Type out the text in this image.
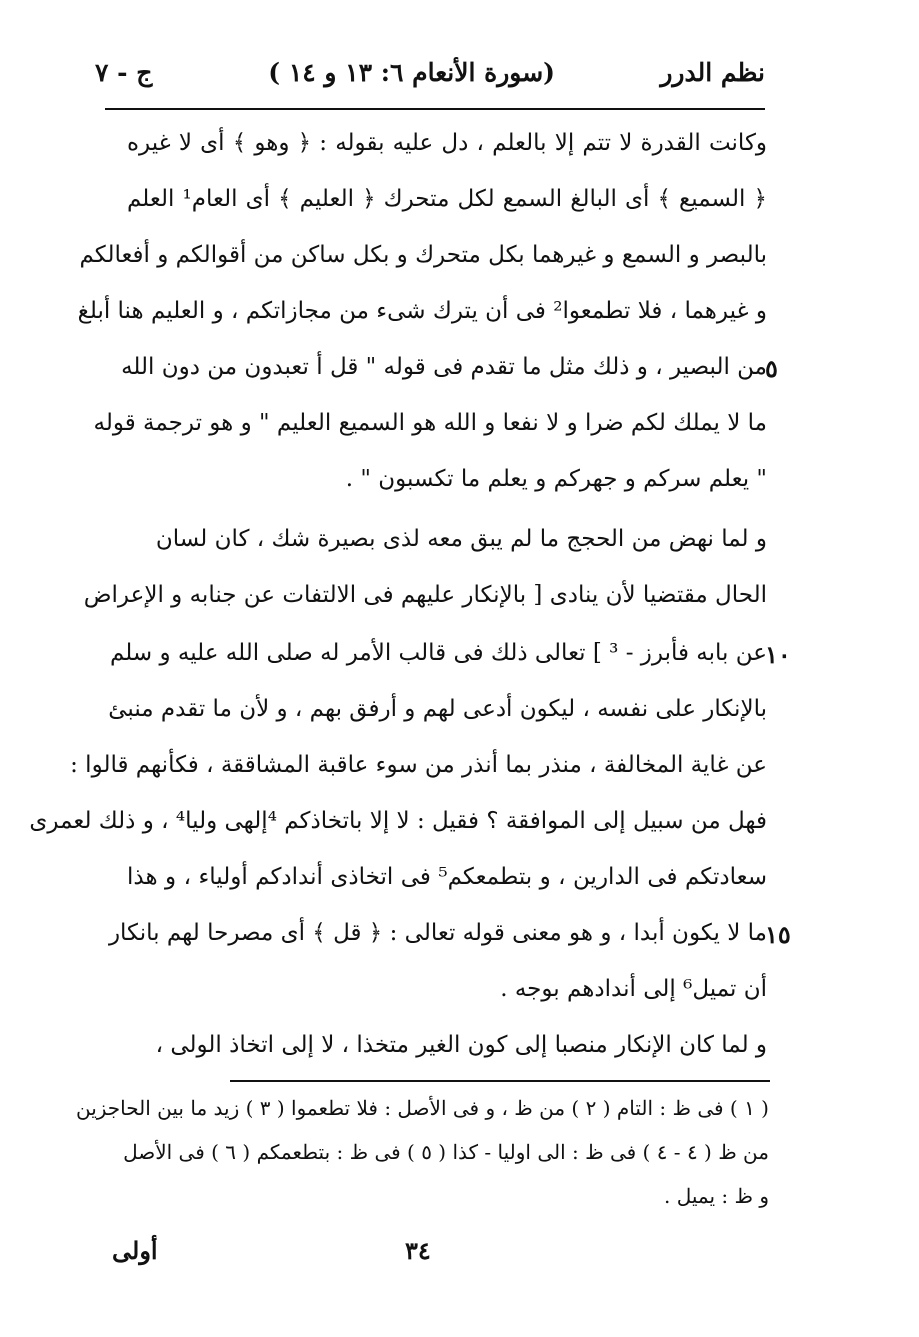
نظم الدرر
(سورة الأنعام ٦: ١٣ و ١٤ )
ج - ٧
وكانت القدرة لا تتم إلا بالعلم ، دل عليه بقوله : ﴿ وهو ﴾ أى لا غيره
﴿ السميع ﴾ أى البالغ السمع لكل متحرك ﴿ العليم ﴾ أى العام¹ العلم
بالبصر و السمع و غيرهما بكل متحرك و بكل ساكن من أقوالكم و أفعالكم
و غيرهما ، فلا تطمعوا² فى أن يترك شىء من مجازاتكم ، و العليم هنا أبلغ
من البصير ، و ذلك مثل ما تقدم فى قوله " قل أ تعبدون من دون الله
ما لا يملك لكم ضرا و لا نفعا و الله هو السميع العليم " و هو ترجمة قوله
" يعلم سركم و جهركم و يعلم ما تكسبون " .
و لما نهض من الحجج ما لم يبق معه لذى بصيرة شك ، كان لسان
الحال مقتضيا لأن ينادى [ بالإنكار عليهم فى الالتفات عن جنابه و الإعراض
عن بابه فأبرز - ³ ] تعالى ذلك فى قالب الأمر له صلى الله عليه و سلم
بالإنكار على نفسه ، ليكون أدعى لهم و أرفق بهم ، و لأن ما تقدم منبئ
عن غاية المخالفة ، منذر بما أنذر من سوء عاقبة المشاققة ، فكأنهم قالوا :
فهل من سبيل إلى الموافقة ؟ فقيل : لا إلا باتخاذكم ⁴إلهى وليا⁴ ، و ذلك لعمرى
سعادتكم فى الدارين ، و بتطمعكم⁵ فى اتخاذى أندادكم أولياء ، و هذا
ما لا يكون أبدا ، و هو معنى قوله تعالى : ﴿ قل ﴾ أى مصرحا لهم بانكار
أن تميل⁶ إلى أندادهم بوجه .
و لما كان الإنكار منصبا إلى كون الغير متخذا ، لا إلى اتخاذ الولى ،
٥
١٠
١٥
( ١ ) فى ظ : التام ( ٢ ) من ظ ، و فى الأصل : فلا تطعموا ( ٣ ) زيد ما بين الحاجزين
من ظ ( ٤ - ٤ ) فى ظ : الى اوليا - كذا ( ٥ ) فى ظ : بتطعمكم ( ٦ ) فى الأصل
و ظ : يميل .
٣٤
أولى
